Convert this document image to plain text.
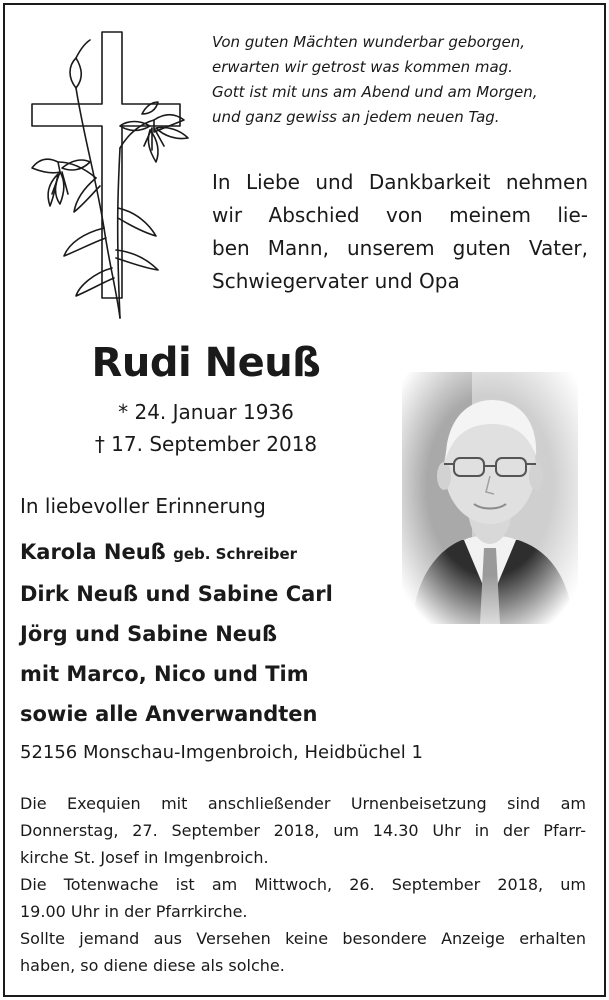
Von guten Mächten wunderbar geborgen,
erwarten wir getrost was kommen mag.
Gott ist mit uns am Abend und am Morgen,
und ganz gewiss an jedem neuen Tag.
In Liebe und Dankbarkeit nehmen
wir Abschied von meinem lie-
ben Mann, unserem guten Vater,
Schwiegervater und Opa
Rudi Neuß
* 24. Januar 1936
† 17. September 2018
In liebevoller Erinnerung
Karola Neuß geb. Schreiber
Dirk Neuß und Sabine Carl
Jörg und Sabine Neuß
mit Marco, Nico und Tim
sowie alle Anverwandten
52156 Monschau-Imgenbroich, Heidbüchel 1
Die Exequien mit anschließender Urnenbeisetzung sind am
Donnerstag, 27. September 2018, um 14.30 Uhr in der Pfarr-
kirche St. Josef in Imgenbroich.
Die Totenwache ist am Mittwoch, 26. September 2018, um
19.00 Uhr in der Pfarrkirche.
Sollte jemand aus Versehen keine besondere Anzeige erhalten
haben, so diene diese als solche.
